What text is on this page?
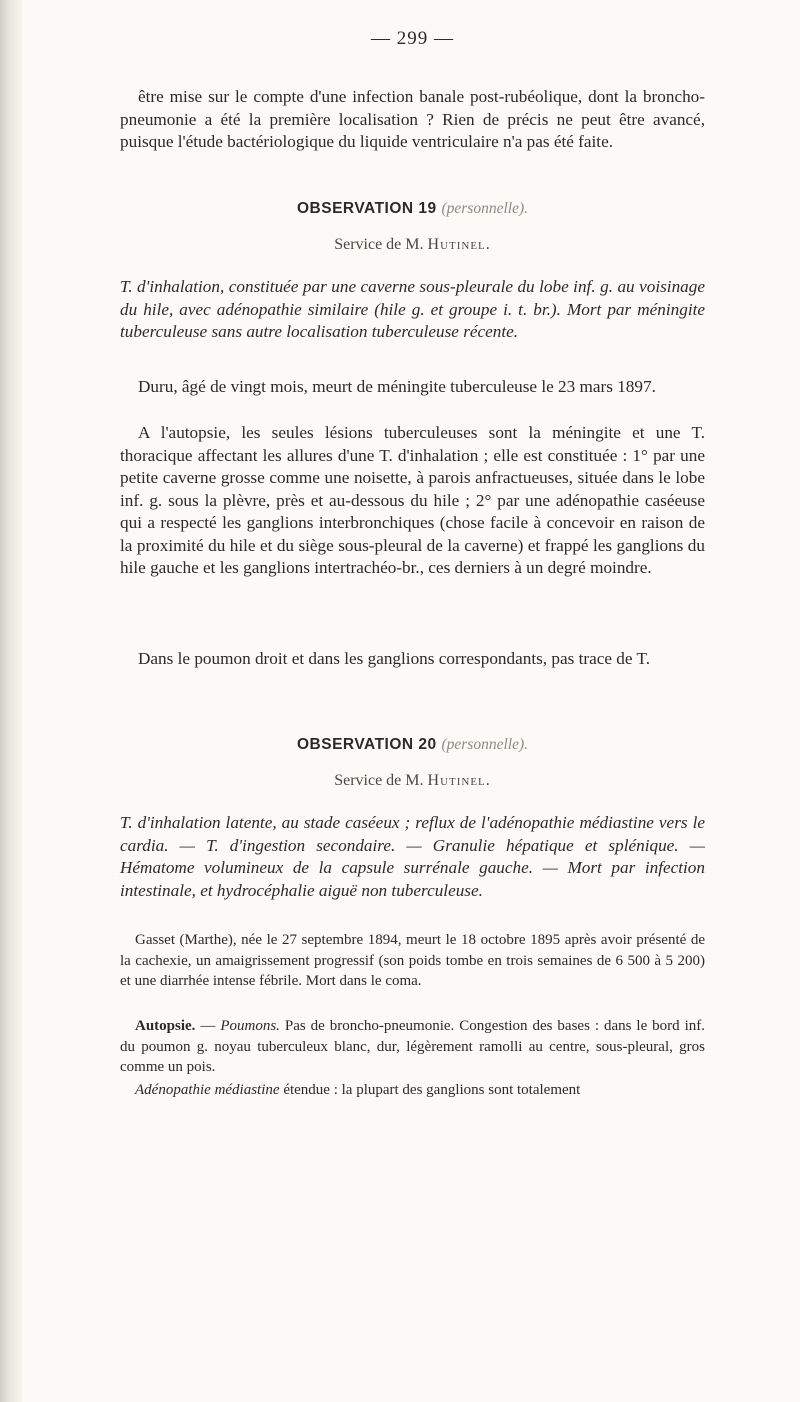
— 299 —
être mise sur le compte d'une infection banale post-rubéolique, dont la broncho-pneumonie a été la première localisation ? Rien de précis ne peut être avancé, puisque l'étude bactériologique du liquide ventriculaire n'a pas été faite.
OBSERVATION 19 (personnelle).
Service de M. Hutinel.
T. d'inhalation, constituée par une caverne sous-pleurale du lobe inf. g. au voisinage du hile, avec adénopathie similaire (hile g. et groupe i. t. br.). Mort par méningite tuberculeuse sans autre localisation tuberculeuse récente.
Duru, âgé de vingt mois, meurt de méningite tuberculeuse le 23 mars 1897.
A l'autopsie, les seules lésions tuberculeuses sont la méningite et une T. thoracique affectant les allures d'une T. d'inhalation ; elle est constituée : 1° par une petite caverne grosse comme une noisette, à parois anfractueuses, située dans le lobe inf. g. sous la plèvre, près et au-dessous du hile ; 2° par une adénopathie caséeuse qui a respecté les ganglions interbronchiques (chose facile à concevoir en raison de la proximité du hile et du siège sous-pleural de la caverne) et frappé les ganglions du hile gauche et les ganglions intertrachéo-br., ces derniers à un degré moindre.
Dans le poumon droit et dans les ganglions correspondants, pas trace de T.
OBSERVATION 20 (personnelle).
Service de M. Hutinel.
T. d'inhalation latente, au stade caséeux ; reflux de l'adénopathie médiastine vers le cardia. — T. d'ingestion secondaire. — Granulie hépatique et splénique. — Hématome volumineux de la capsule surrénale gauche. — Mort par infection intestinale, et hydrocéphalie aiguë non tuberculeuse.
Gasset (Marthe), née le 27 septembre 1894, meurt le 18 octobre 1895 après avoir présenté de la cachexie, un amaigrissement progressif (son poids tombe en trois semaines de 6 500 à 5 200) et une diarrhée intense fébrile. Mort dans le coma.
Autopsie. — Poumons. Pas de broncho-pneumonie. Congestion des bases : dans le bord inf. du poumon g. noyau tuberculeux blanc, dur, légèrement ramolli au centre, sous-pleural, gros comme un pois.
Adénopathie médiastine étendue : la plupart des ganglions sont totalement
